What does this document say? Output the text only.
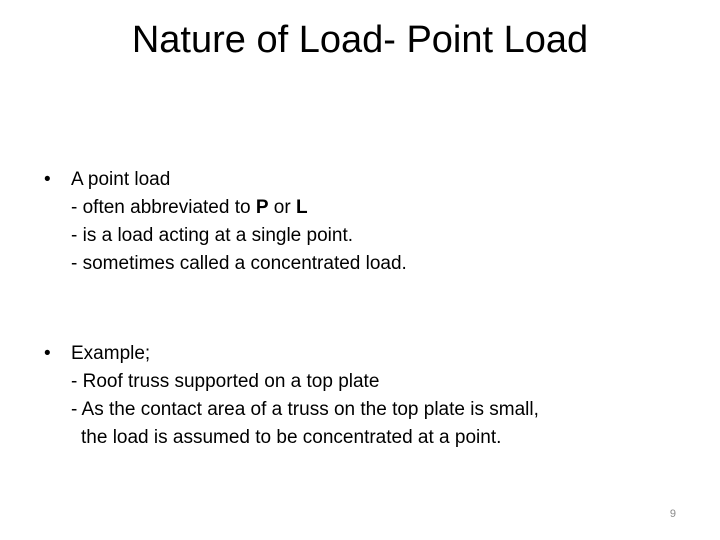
Nature of Load- Point Load
• A point load
- often abbreviated to P or L
- is a load acting at a single point.
- sometimes called a concentrated load.
• Example;
- Roof truss supported on a top plate
- As the contact area of a truss on the top plate is small,
the load is assumed to be concentrated at a point.
9
